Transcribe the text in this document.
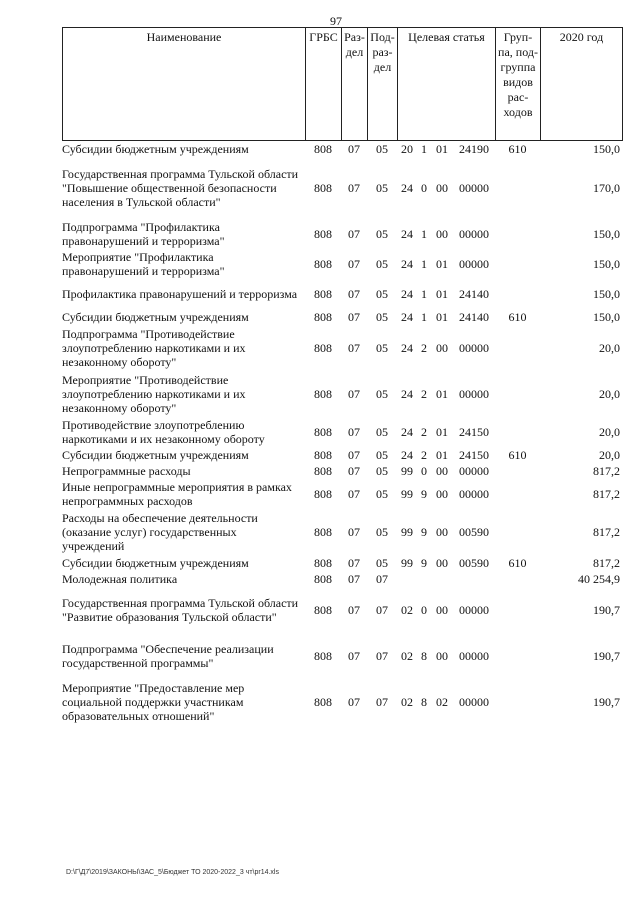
97
Наименование	ГРБС	Раз-дел	Под-раз-дел	Целевая статья	Груп-па, под-группа видов рас-ходов	2020 год
Субсидии бюджетным учреждениям	808	07	05	20	1	01	24190	610	150,0
Государственная программа Тульской области "Повышение общественной безопасности населения в Тульской области"	808	07	05	24	0	00	00000		170,0
Подпрограмма "Профилактика правонарушений и терроризма"	808	07	05	24	1	00	00000		150,0
Мероприятие "Профилактика правонарушений и терроризма"	808	07	05	24	1	01	00000		150,0
Профилактика правонарушений и терроризма	808	07	05	24	1	01	24140		150,0
Субсидии бюджетным учреждениям	808	07	05	24	1	01	24140	610	150,0
Подпрограмма "Противодействие злоупотреблению наркотиками и их незаконному обороту"	808	07	05	24	2	00	00000		20,0
Мероприятие "Противодействие злоупотреблению наркотиками и их незаконному обороту"	808	07	05	24	2	01	00000		20,0
Противодействие злоупотреблению наркотиками и их незаконному обороту	808	07	05	24	2	01	24150		20,0
Субсидии бюджетным учреждениям	808	07	05	24	2	01	24150	610	20,0
Непрограммные расходы	808	07	05	99	0	00	00000		817,2
Иные непрограммные мероприятия в рамках непрограммных расходов	808	07	05	99	9	00	00000		817,2
Расходы на обеспечение деятельности (оказание услуг) государственных учреждений	808	07	05	99	9	00	00590		817,2
Субсидии бюджетным учреждениям	808	07	05	99	9	00	00590	610	817,2
Молодежная политика	808	07	07						40 254,9
Государственная программа Тульской области "Развитие образования Тульской области"	808	07	07	02	0	00	00000		190,7
Подпрограмма "Обеспечение реализации государственной программы"	808	07	07	02	8	00	00000		190,7
Мероприятие "Предоставление мер социальной поддержки участникам образовательных отношений"	808	07	07	02	8	02	00000		190,7
D:\Г\Д7\2019\ЗАКОНЫ\ЗАС_5\Бюджет ТО 2020-2022_3 чт\pr14.xls
